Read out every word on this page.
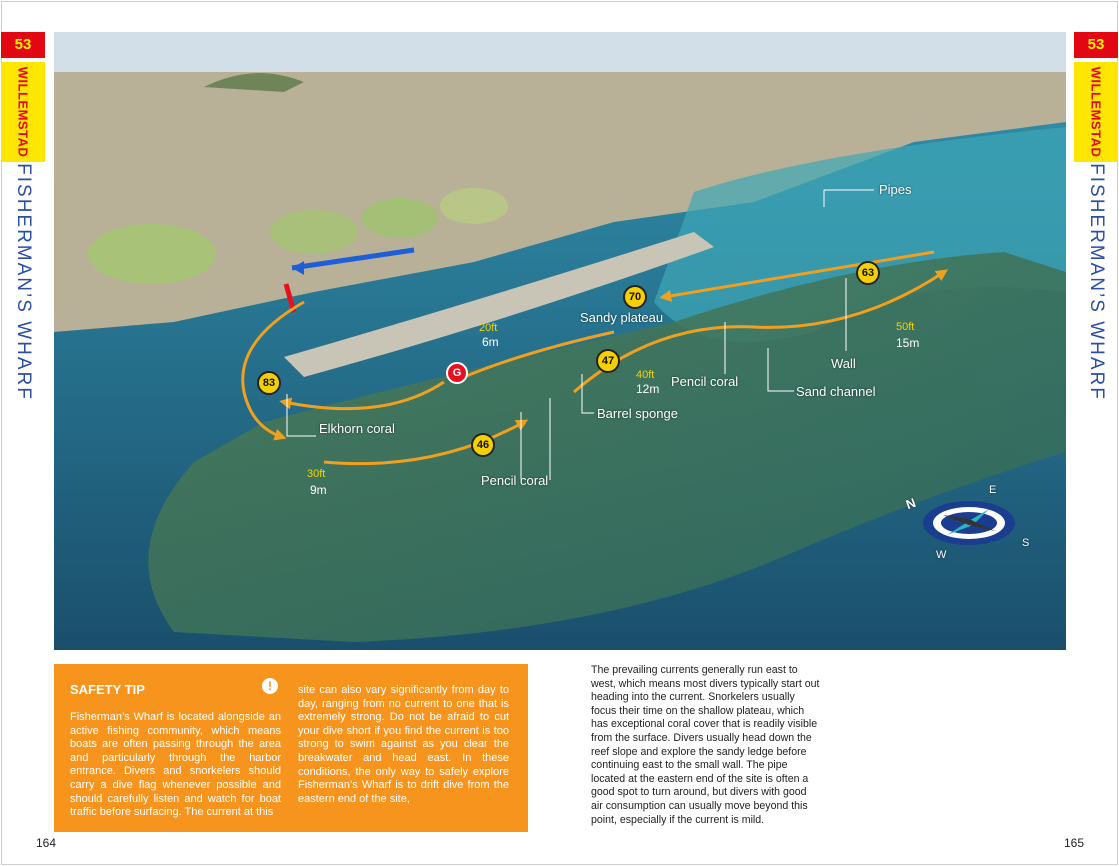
53
WILLEMSTAD
FISHERMAN’S WHARF
53
WILLEMSTAD
FISHERMAN’S WHARF
20ft
6m
40ft
12m
30ft
9m
50ft
15m
Pipes
Sandy plateau
Elkhorn coral
Pencil coral
Pencil coral
Barrel sponge
Wall
Sand channel
83
70
47
46
63
G
N
E
S
W
SAFETY TIP	!
Fisherman’s Wharf is located alongside an active fishing community, which means boats are often passing through the area and particularly through the harbor entrance. Divers and snorkelers should carry a dive flag whenever possible and should carefully listen and watch for boat traffic before surfacing. The current at this
site can also vary significantly from day to day, ranging from no current to one that is extremely strong. Do not be afraid to cut your dive short if you find the current is too strong to swim against as you clear the breakwater and head east. In these conditions, the only way to safely explore Fisherman’s Wharf is to drift dive from the eastern end of the site,
The prevailing currents generally run east to west, which means most divers typically start out heading into the current. Snorkelers usually focus their time on the shallow plateau, which has exceptional coral cover that is readily visible from the surface. Divers usually head down the reef slope and explore the sandy ledge before continuing east to the small wall. The pipe located at the eastern end of the site is often a good spot to turn around, but divers with good air consumption can usually move beyond this point, especially if the current is mild.
164	165
